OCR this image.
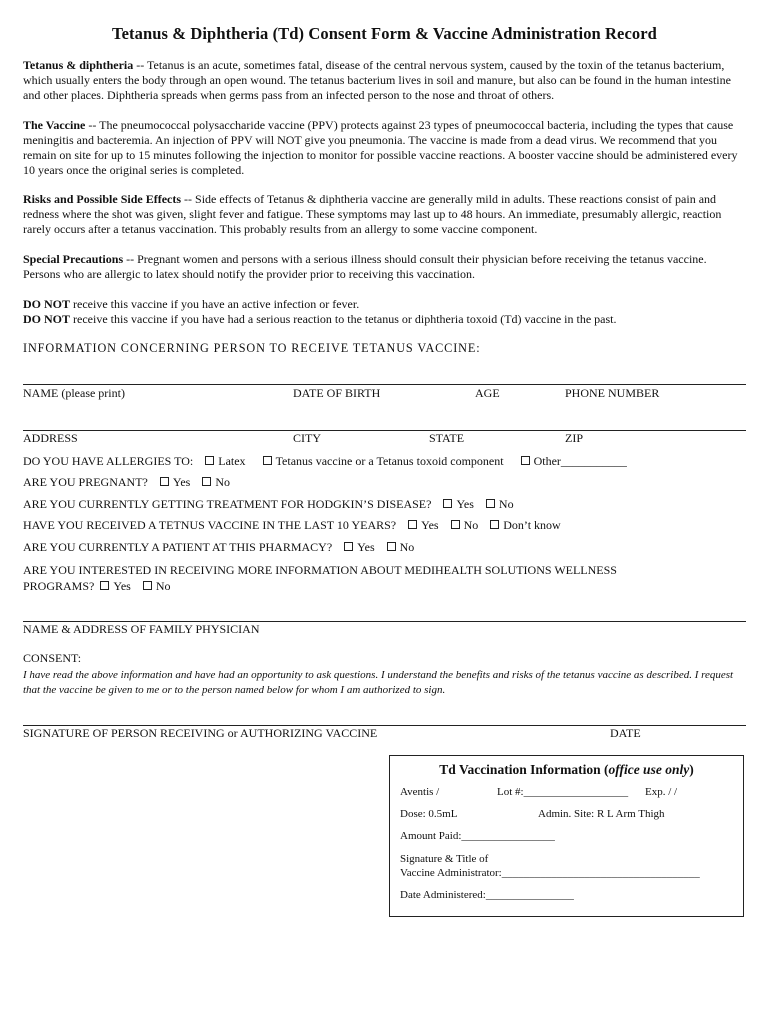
Tetanus & Diphtheria (Td) Consent Form & Vaccine Administration Record
Tetanus & diphtheria -- Tetanus is an acute, sometimes fatal, disease of the central nervous system, caused by the toxin of the tetanus bacterium, which usually enters the body through an open wound. The tetanus bacterium lives in soil and manure, but also can be found in the human intestine and other places. Diphtheria spreads when germs pass from an infected person to the nose and throat of others.
The Vaccine -- The pneumococcal polysaccharide vaccine (PPV) protects against 23 types of pneumococcal bacteria, including the types that cause meningitis and bacteremia. An injection of PPV will NOT give you pneumonia. The vaccine is made from a dead virus. We recommend that you remain on site for up to 15 minutes following the injection to monitor for possible vaccine reactions. A booster vaccine should be administered every 10 years once the original series is completed.
Risks and Possible Side Effects -- Side effects of Tetanus & diphtheria vaccine are generally mild in adults. These reactions consist of pain and redness where the shot was given, slight fever and fatigue. These symptoms may last up to 48 hours. An immediate, presumably allergic, reaction rarely occurs after a tetanus vaccination. This probably results from an allergy to some vaccine component.
Special Precautions -- Pregnant women and persons with a serious illness should consult their physician before receiving the tetanus vaccine. Persons who are allergic to latex should notify the provider prior to receiving this vaccination.
DO NOT receive this vaccine if you have an active infection or fever.
DO NOT receive this vaccine if you have had a serious reaction to the tetanus or diphtheria toxoid (Td) vaccine in the past.
INFORMATION CONCERNING PERSON TO RECEIVE TETANUS VACCINE:
NAME (please print)	DATE OF BIRTH	AGE	PHONE NUMBER
ADDRESS	CITY	STATE	ZIP
DO YOU HAVE ALLERGIES TO: Latex	Tetanus vaccine or a Tetanus toxoid component	Other___________
ARE YOU PREGNANT? Yes No
ARE YOU CURRENTLY GETTING TREATMENT FOR HODGKIN’S DISEASE? Yes No
HAVE YOU RECEIVED A TETNUS VACCINE IN THE LAST 10 YEARS? Yes No Don’t know
ARE YOU CURRENTLY A PATIENT AT THIS PHARMACY? Yes No
ARE YOU INTERESTED IN RECEIVING MORE INFORMATION ABOUT MEDIHEALTH SOLUTIONS WELLNESS PROGRAMS? Yes No
NAME & ADDRESS OF FAMILY PHYSICIAN
CONSENT:
I have read the above information and have had an opportunity to ask questions. I understand the benefits and risks of the tetanus vaccine as described. I request that the vaccine be given to me or to the person named below for whom I am authorized to sign.
SIGNATURE OF PERSON RECEIVING or AUTHORIZING VACCINE	DATE
Td Vaccination Information (office use only)
Aventis /	Lot #:___________________ Exp. / /
Dose: 0.5mL	Admin. Site: R L Arm Thigh
Amount Paid:_________________
Signature & Title of
Vaccine Administrator:____________________________________
Date Administered:________________
